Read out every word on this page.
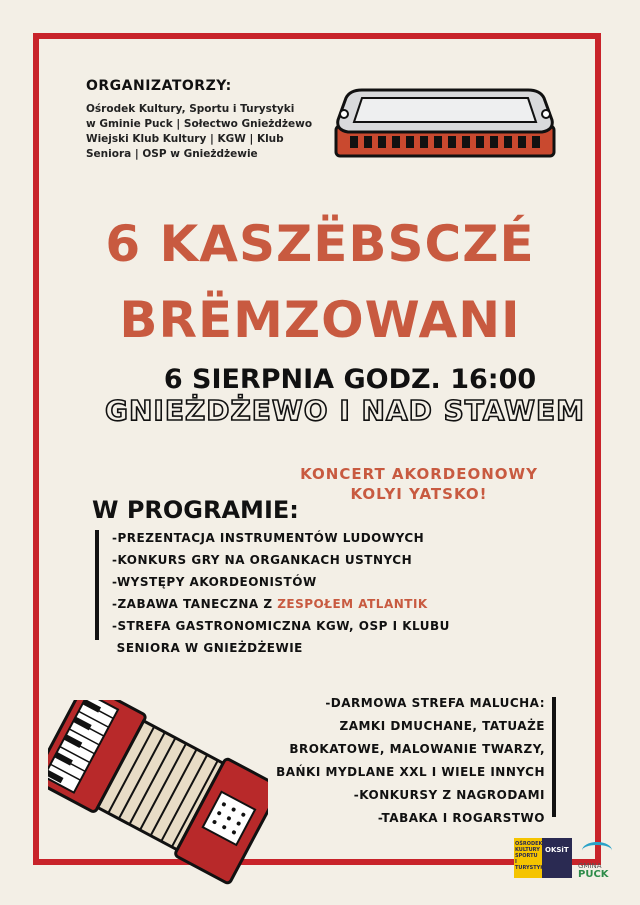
ORGANIZATORZY:
Ośrodek Kultury, Sportu i Turystyki
w Gminie Puck | Sołectwo Gnieżdżewo
Wiejski Klub Kultury | KGW | Klub
Seniora | OSP w Gnieżdżewie
6 KASZËBSCZÉ
BRËMZOWANI
6 SIERPNIA GODZ. 16:00
GNIEŻDŻEWO I NAD STAWEM
KONCERT AKORDEONOWY
KOLYI YATSKO!
W PROGRAMIE:
-PREZENTACJA INSTRUMENTÓW LUDOWYCH
-KONKURS GRY NA ORGANKACH USTNYCH
-WYSTĘPY AKORDEONISTÓW
-ZABAWA TANECZNA Z ZESPOŁEM ATLANTIK
-STREFA GASTRONOMICZNA KGW, OSP I KLUBU
SENIORA W GNIEŻDŻEWIE
-DARMOWA STREFA MALUCHA:
ZAMKI DMUCHANE, TATUAŻE
BROKATOWE, MALOWANIE TWARZY,
BAŃKI MYDLANE XXL I WIELE INNYCH
-KONKURSY Z NAGRODAMI
-TABAKA I ROGARSTWO
OŚRODEK
KULTURY
SPORTU
I TURYSTYKI
OKSiT
GMINA
PUCK
